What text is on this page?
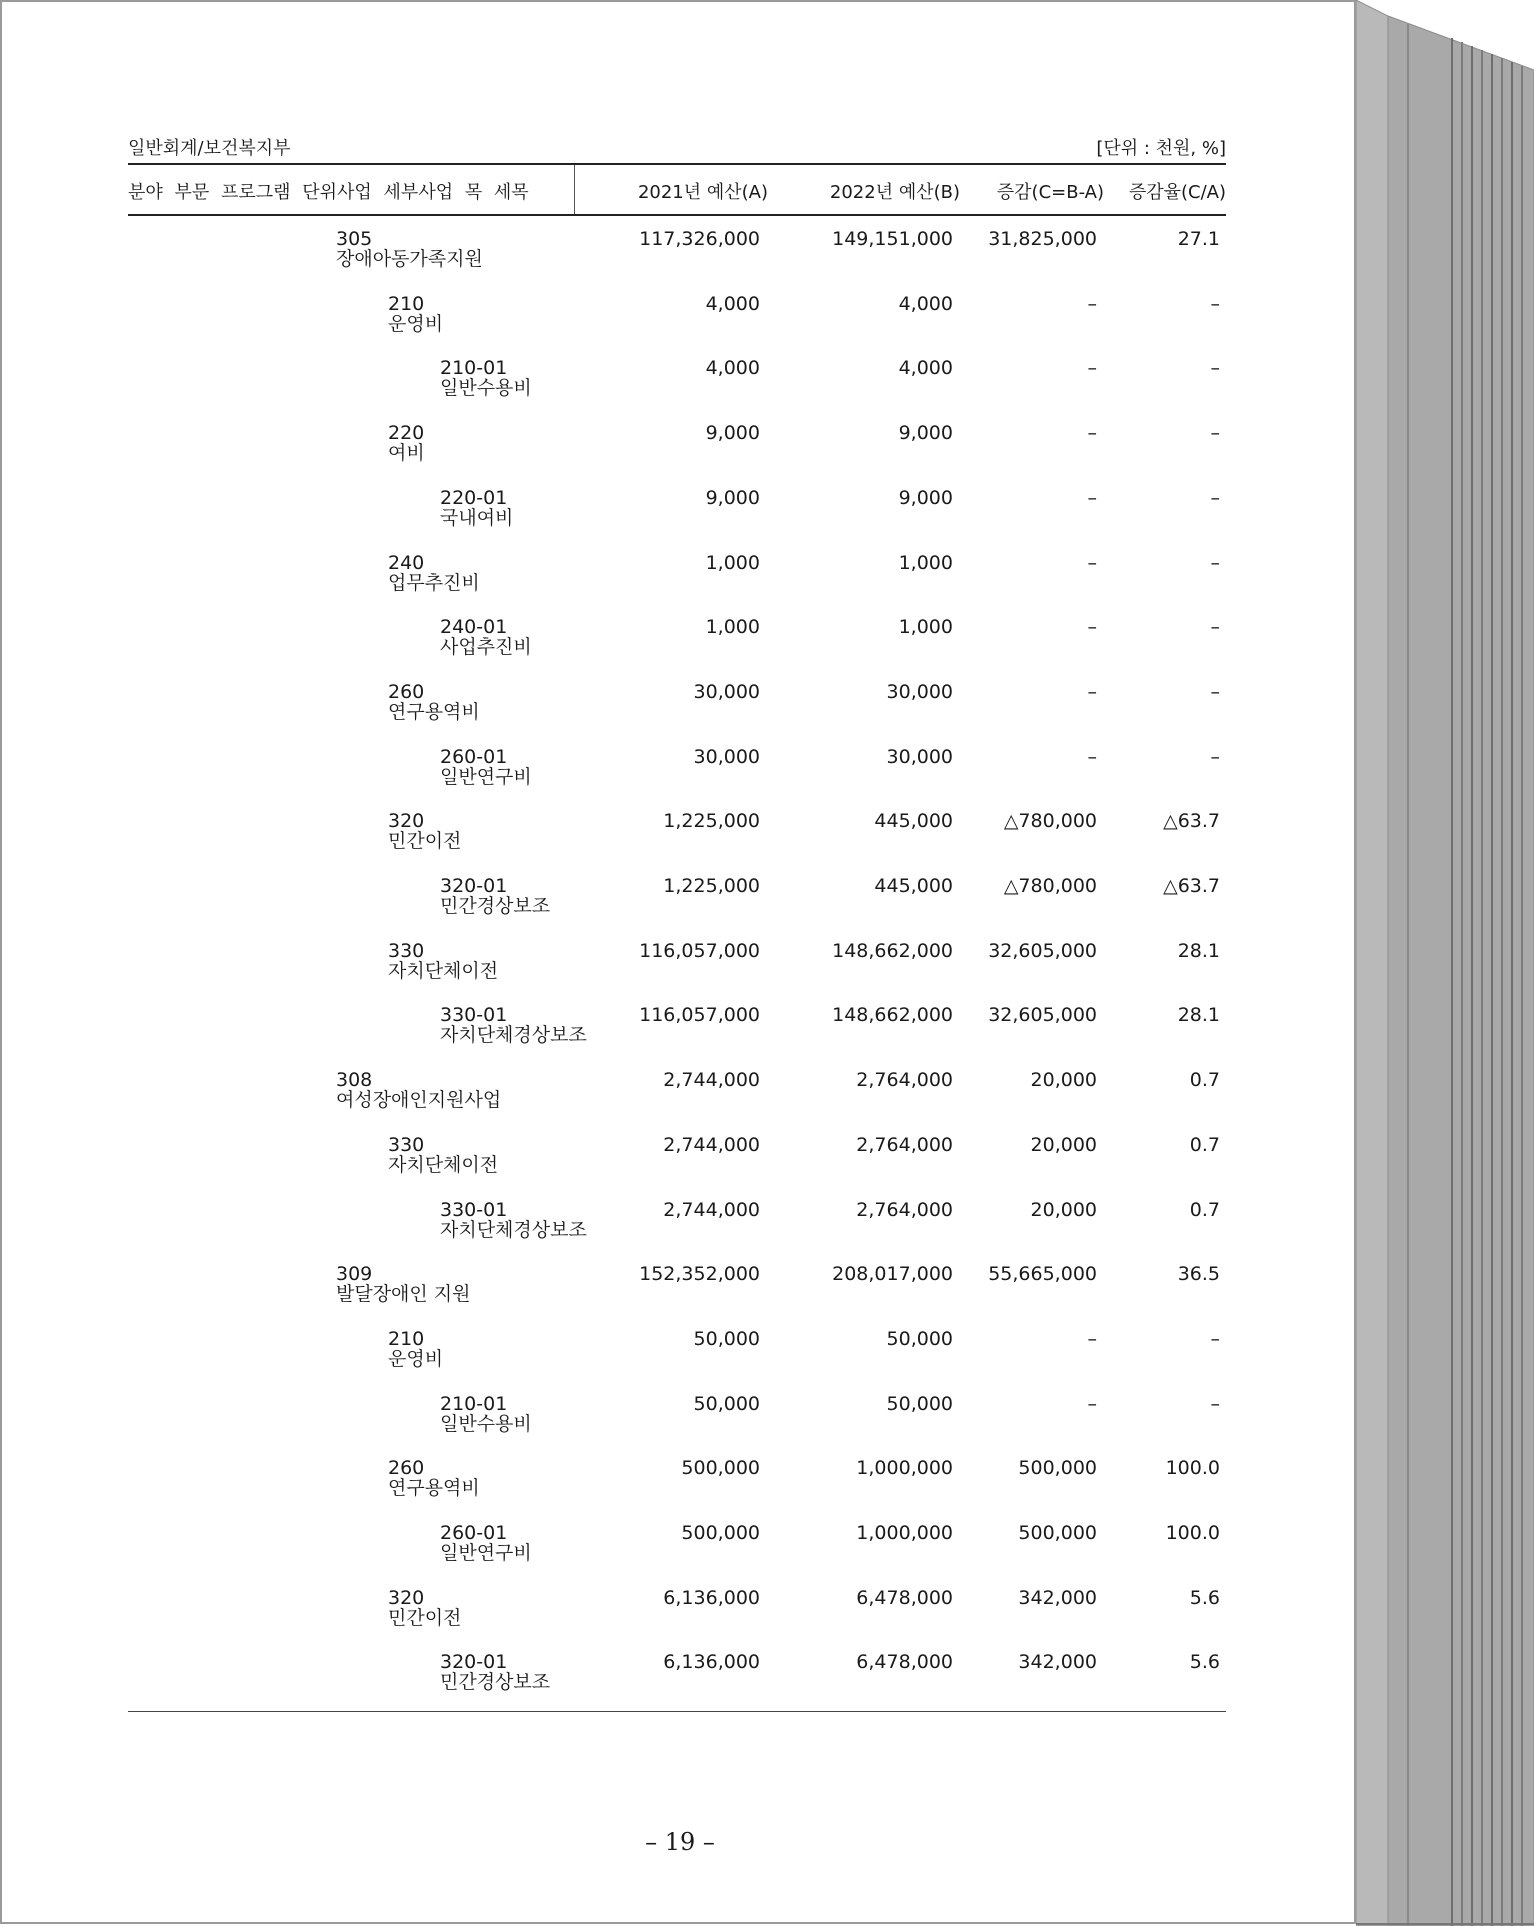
일반회계/보건복지부	[단위 : 천원, %]
분야 부문 프로그램 단위사업 세부사업 목 세목	2021년 예산(A)	2022년 예산(B)	증감(C=B-A)	증감율(C/A)
305
장애아동가족지원
117,326,000	149,151,000	31,825,000	27.1
210
운영비
4,000	4,000	–	–
210-01
일반수용비
4,000	4,000	–	–
220
여비
9,000	9,000	–	–
220-01
국내여비
9,000	9,000	–	–
240
업무추진비
1,000	1,000	–	–
240-01
사업추진비
1,000	1,000	–	–
260
연구용역비
30,000	30,000	–	–
260-01
일반연구비
30,000	30,000	–	–
320
민간이전
1,225,000	445,000	△780,000	△63.7
320-01
민간경상보조
1,225,000	445,000	△780,000	△63.7
330
자치단체이전
116,057,000	148,662,000	32,605,000	28.1
330-01
자치단체경상보조
116,057,000	148,662,000	32,605,000	28.1
308
여성장애인지원사업
2,744,000	2,764,000	20,000	0.7
330
자치단체이전
2,744,000	2,764,000	20,000	0.7
330-01
자치단체경상보조
2,744,000	2,764,000	20,000	0.7
309
발달장애인 지원
152,352,000	208,017,000	55,665,000	36.5
210
운영비
50,000	50,000	–	–
210-01
일반수용비
50,000	50,000	–	–
260
연구용역비
500,000	1,000,000	500,000	100.0
260-01
일반연구비
500,000	1,000,000	500,000	100.0
320
민간이전
6,136,000	6,478,000	342,000	5.6
320-01
민간경상보조
6,136,000	6,478,000	342,000	5.6
– 19 –
